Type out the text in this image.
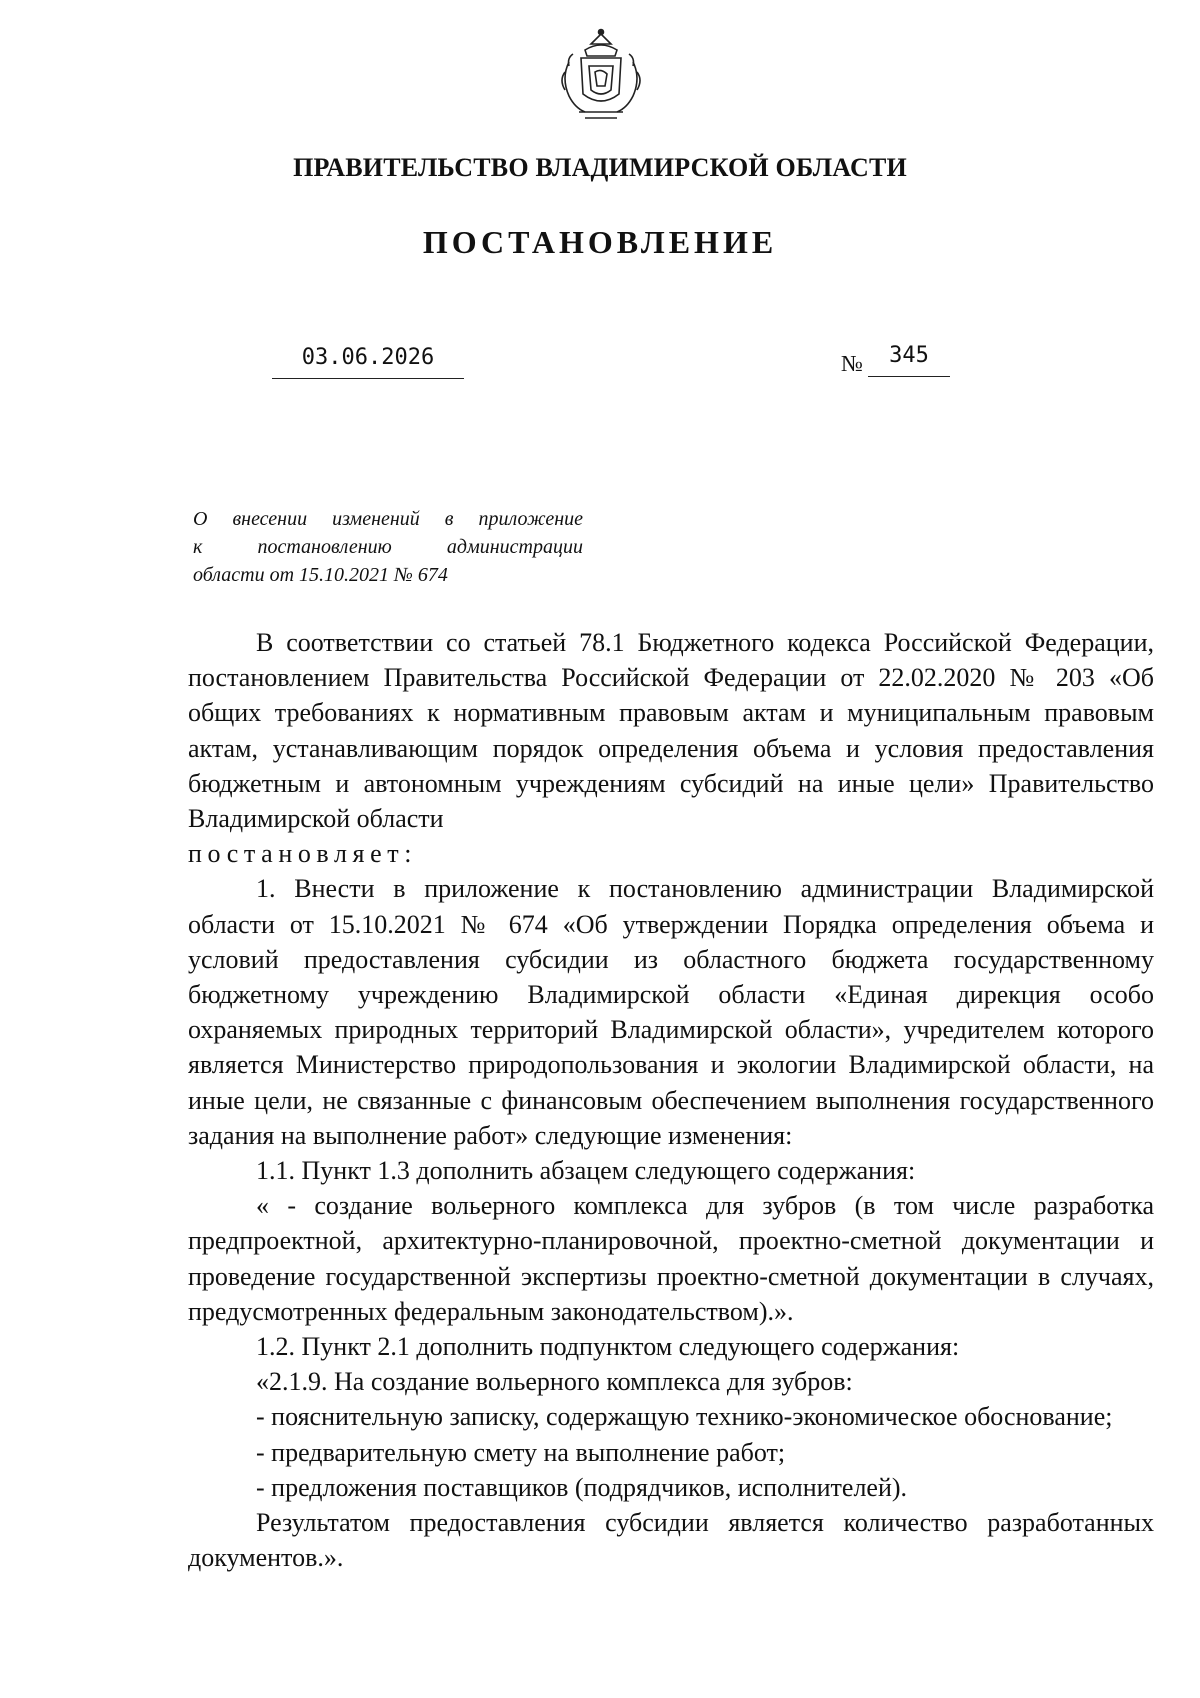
ПРАВИТЕЛЬСТВО ВЛАДИМИРСКОЙ ОБЛАСТИ
ПОСТАНОВЛЕНИЕ
03.06.2026	№	345
О внесении изменений в приложение
к постановлению администрации
области от 15.10.2021 № 674

В соответствии со статьей 78.1 Бюджетного кодекса Российской Федерации, постановлением Правительства Российской Федерации от 22.02.2020 № 203 «Об общих требованиях к нормативным правовым актам и муниципальным правовым актам, устанавливающим порядок определения объема и условия предоставления бюджетным и автономным учреждениям субсидий на иные цели» Правительство Владимирской области

постановляет:

1. Внести в приложение к постановлению администрации Владимирской области от 15.10.2021 № 674 «Об утверждении Порядка определения объема и условий предоставления субсидии из областного бюджета государственному бюджетному учреждению Владимирской области «Единая дирекция особо охраняемых природных территорий Владимирской области», учредителем которого является Министерство природопользования и экологии Владимирской области, на иные цели, не связанные с финансовым обеспечением выполнения государственного задания на выполнение работ» следующие изменения:

1.1. Пункт 1.3 дополнить абзацем следующего содержания:

« - создание вольерного комплекса для зубров (в том числе разработка предпроектной, архитектурно-планировочной, проектно-сметной документации и проведение государственной экспертизы проектно-сметной документации в случаях, предусмотренных федеральным законодательством).».

1.2. Пункт 2.1 дополнить подпунктом следующего содержания:

«2.1.9. На создание вольерного комплекса для зубров:

- пояснительную записку, содержащую технико-экономическое обоснование;

- предварительную смету на выполнение работ;

- предложения поставщиков (подрядчиков, исполнителей).

Результатом предоставления субсидии является количество разработанных документов.».
